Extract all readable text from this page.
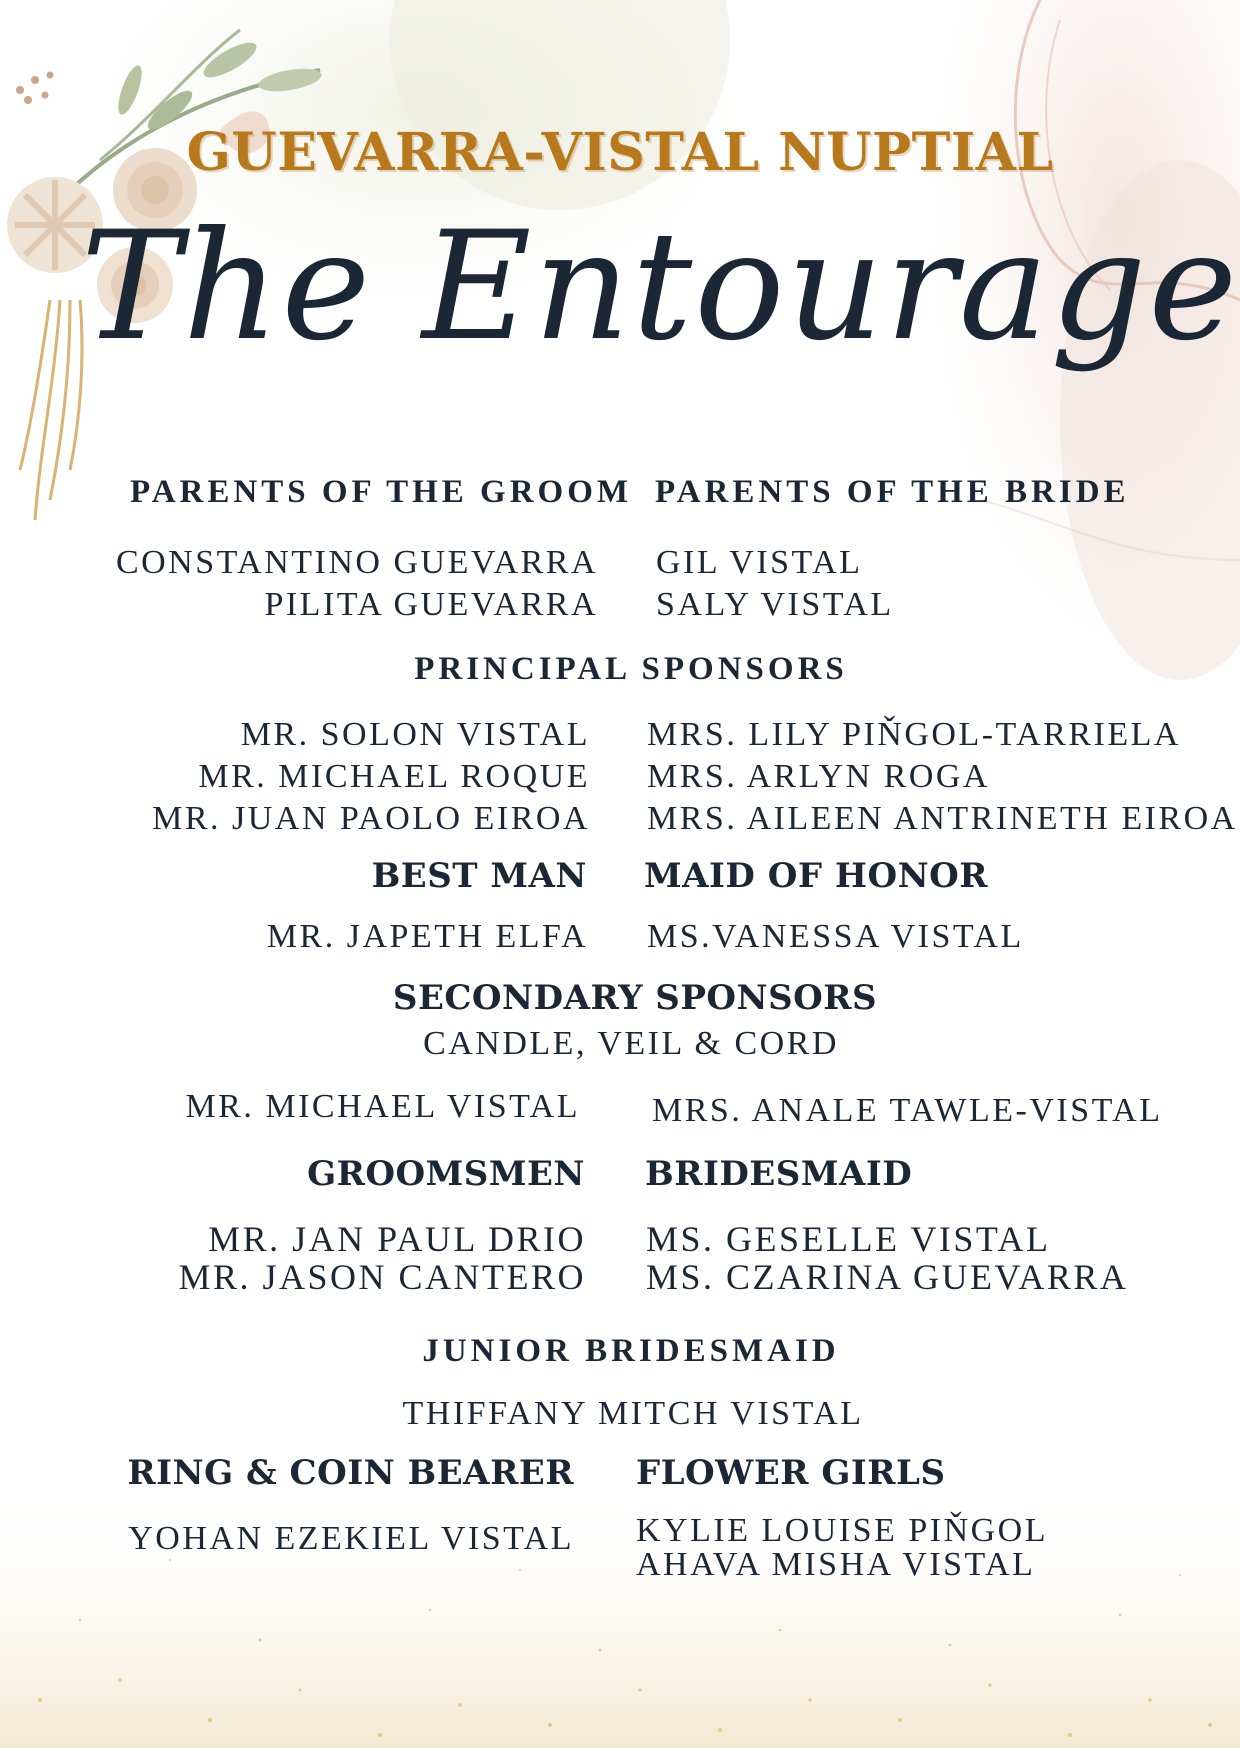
GUEVARRA-VISTAL NUPTIAL
The Entourage
PARENTS OF THE GROOM PARENTS OF THE BRIDE
CONSTANTINO GUEVARRA
PILITA GUEVARRA
GIL VISTAL
SALY VISTAL
PRINCIPAL SPONSORS
MR. SOLON VISTAL
MR. MICHAEL ROQUE
MR. JUAN PAOLO EIROA
MRS. LILY PIŇGOL-TARRIELA
MRS. ARLYN ROGA
MRS. AILEEN ANTRINETH EIROA
BEST MAN MAID OF HONOR
MR. JAPETH ELFA MS.VANESSA VISTAL
SECONDARY SPONSORS
CANDLE, VEIL & CORD
MR. MICHAEL VISTAL MRS. ANALE TAWLE-VISTAL
GROOMSMEN BRIDESMAID
MR. JAN PAUL DRIO
MR. JASON CANTERO
MS. GESELLE VISTAL
MS. CZARINA GUEVARRA
JUNIOR BRIDESMAID
THIFFANY MITCH VISTAL
RING & COIN BEARER FLOWER GIRLS
YOHAN EZEKIEL VISTAL KYLIE LOUISE PIŇGOL
AHAVA MISHA VISTAL
